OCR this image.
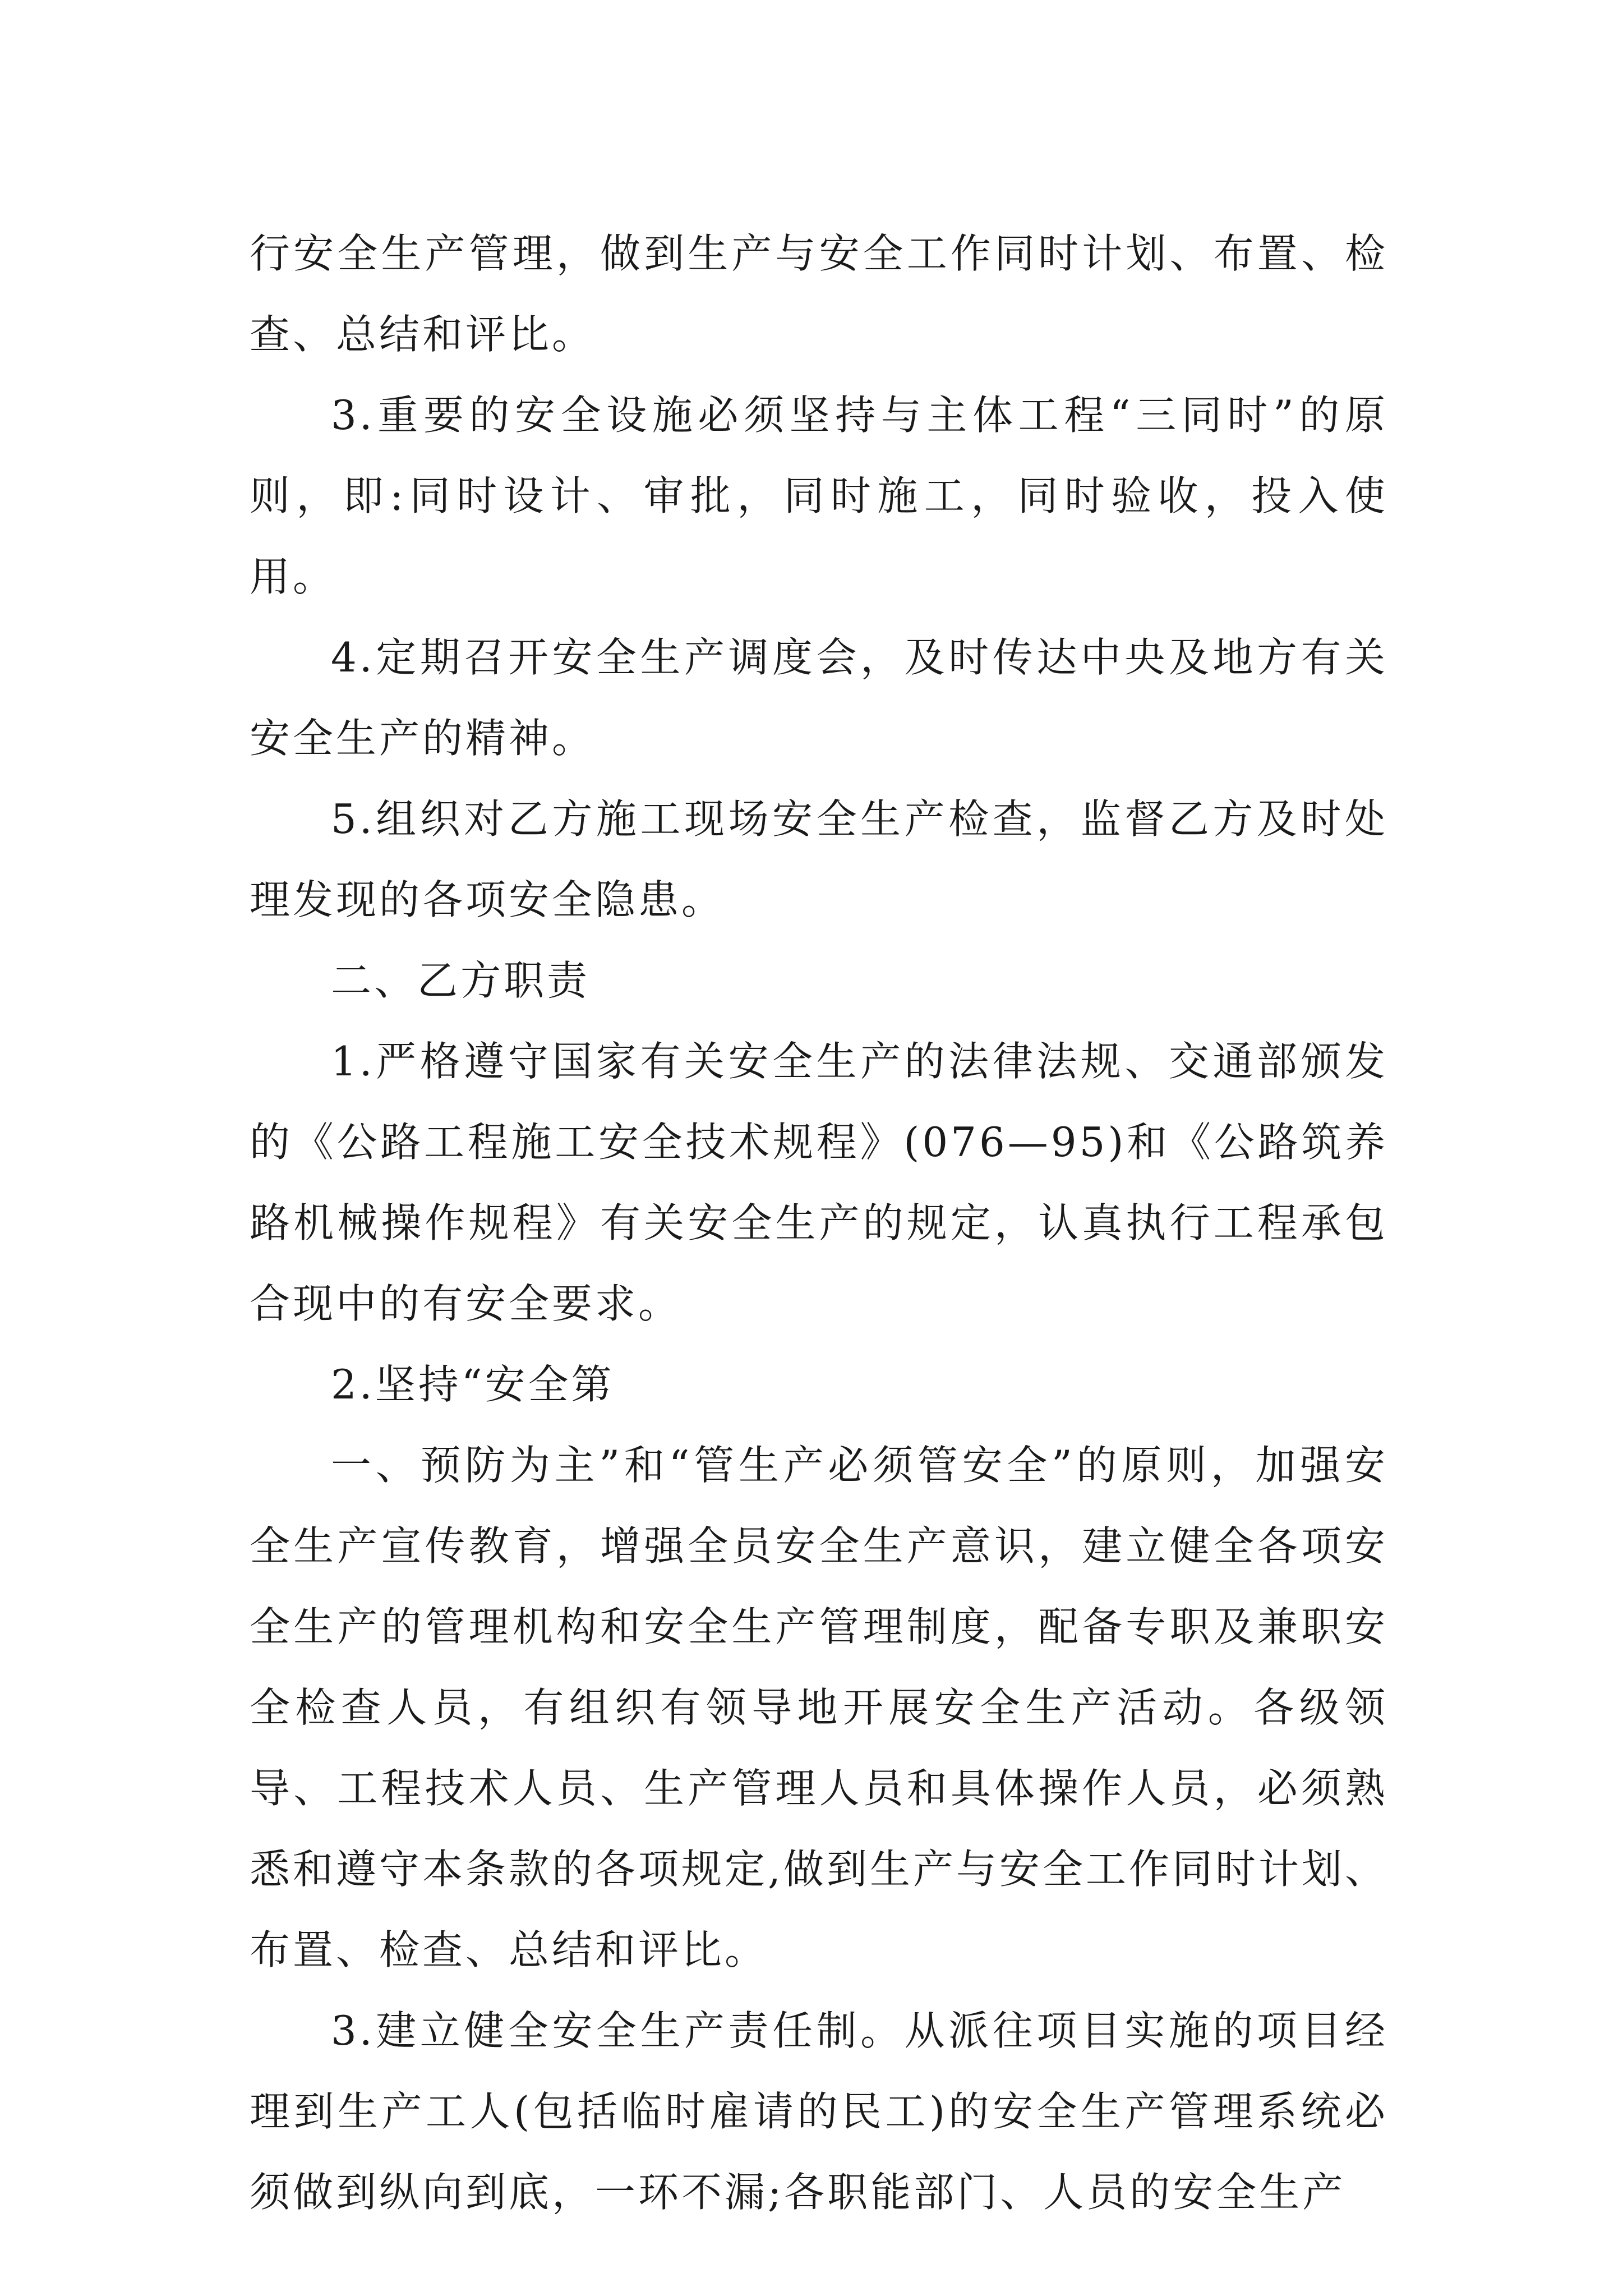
行安全生产管理，做到生产与安全工作同时计划、布置、检查、总结和评比。

3.重要的安全设施必须坚持与主体工程“三同时”的原则，即:同时设计、审批，同时施工，同时验收，投入使用。

4.定期召开安全生产调度会，及时传达中央及地方有关安全生产的精神。

5.组织对乙方施工现场安全生产检查，监督乙方及时处理发现的各项安全隐患。

二、乙方职责

1.严格遵守国家有关安全生产的法律法规、交通部颁发的《公路工程施工安全技术规程》(076—95)和《公路筑养路机械操作规程》有关安全生产的规定，认真执行工程承包合现中的有安全要求。

2.坚持“安全第

一、预防为主”和“管生产必须管安全”的原则，加强安全生产宣传教育，增强全员安全生产意识，建立健全各项安全生产的管理机构和安全生产管理制度，配备专职及兼职安全检查人员，有组织有领导地开展安全生产活动。各级领导、工程技术人员、生产管理人员和具体操作人员，必须熟悉和遵守本条款的各项规定,做到生产与安全工作同时计划、布置、检查、总结和评比。

3.建立健全安全生产责任制。从派往项目实施的项目经理到生产工人(包括临时雇请的民工)的安全生产管理系统必须做到纵向到底，一环不漏;各职能部门、人员的安全生产
